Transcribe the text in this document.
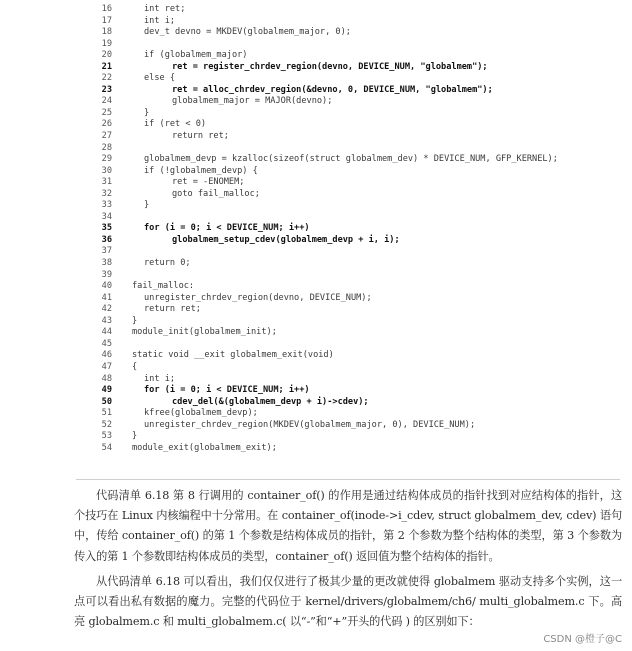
16	int ret;
17	int i;
18	dev_t devno = MKDEV(globalmem_major, 0);
19
20	if (globalmem_major)
21	ret = register_chrdev_region(devno, DEVICE_NUM, "globalmem");
22	else {
23	ret = alloc_chrdev_region(&devno, 0, DEVICE_NUM, "globalmem");
24	globalmem_major = MAJOR(devno);
25	}
26	if (ret < 0)
27	return ret;
28
29	globalmem_devp = kzalloc(sizeof(struct globalmem_dev) * DEVICE_NUM, GFP_KERNEL);
30	if (!globalmem_devp) {
31	ret = -ENOMEM;
32	goto fail_malloc;
33	}
34
35	for (i = 0; i < DEVICE_NUM; i++)
36	globalmem_setup_cdev(globalmem_devp + i, i);
37
38	return 0;
39
40 fail_malloc:
41	unregister_chrdev_region(devno, DEVICE_NUM);
42	return ret;
43 }
44 module_init(globalmem_init);
45
46 static void __exit globalmem_exit(void)
47 {
48	int i;
49	for (i = 0; i < DEVICE_NUM; i++)
50	cdev_del(&(globalmem_devp + i)->cdev);
51	kfree(globalmem_devp);
52	unregister_chrdev_region(MKDEV(globalmem_major, 0), DEVICE_NUM);
53 }
54 module_exit(globalmem_exit);

代码清单 6.18 第 8 行调用的 container_of() 的作用是通过结构体成员的指针找到对应结构体的指针，这个技巧在 Linux 内核编程中十分常用。在 container_of(inode->i_cdev, struct globalmem_dev, cdev) 语句中，传给 container_of() 的第 1 个参数是结构体成员的指针，第 2 个参数为整个结构体的类型，第 3 个参数为传入的第 1 个参数即结构体成员的类型，container_of() 返回值为整个结构体的指针。

从代码清单 6.18 可以看出，我们仅仅进行了极其少量的更改就使得 globalmem 驱动支持多个实例，这一点可以看出私有数据的魔力。完整的代码位于 kernel/drivers/globalmem/ch6/ multi_globalmem.c 下。高亮 globalmem.c 和 multi_globalmem.c( 以“-”和“+”开头的代码 ) 的区别如下：

CSDN @橙子@C
